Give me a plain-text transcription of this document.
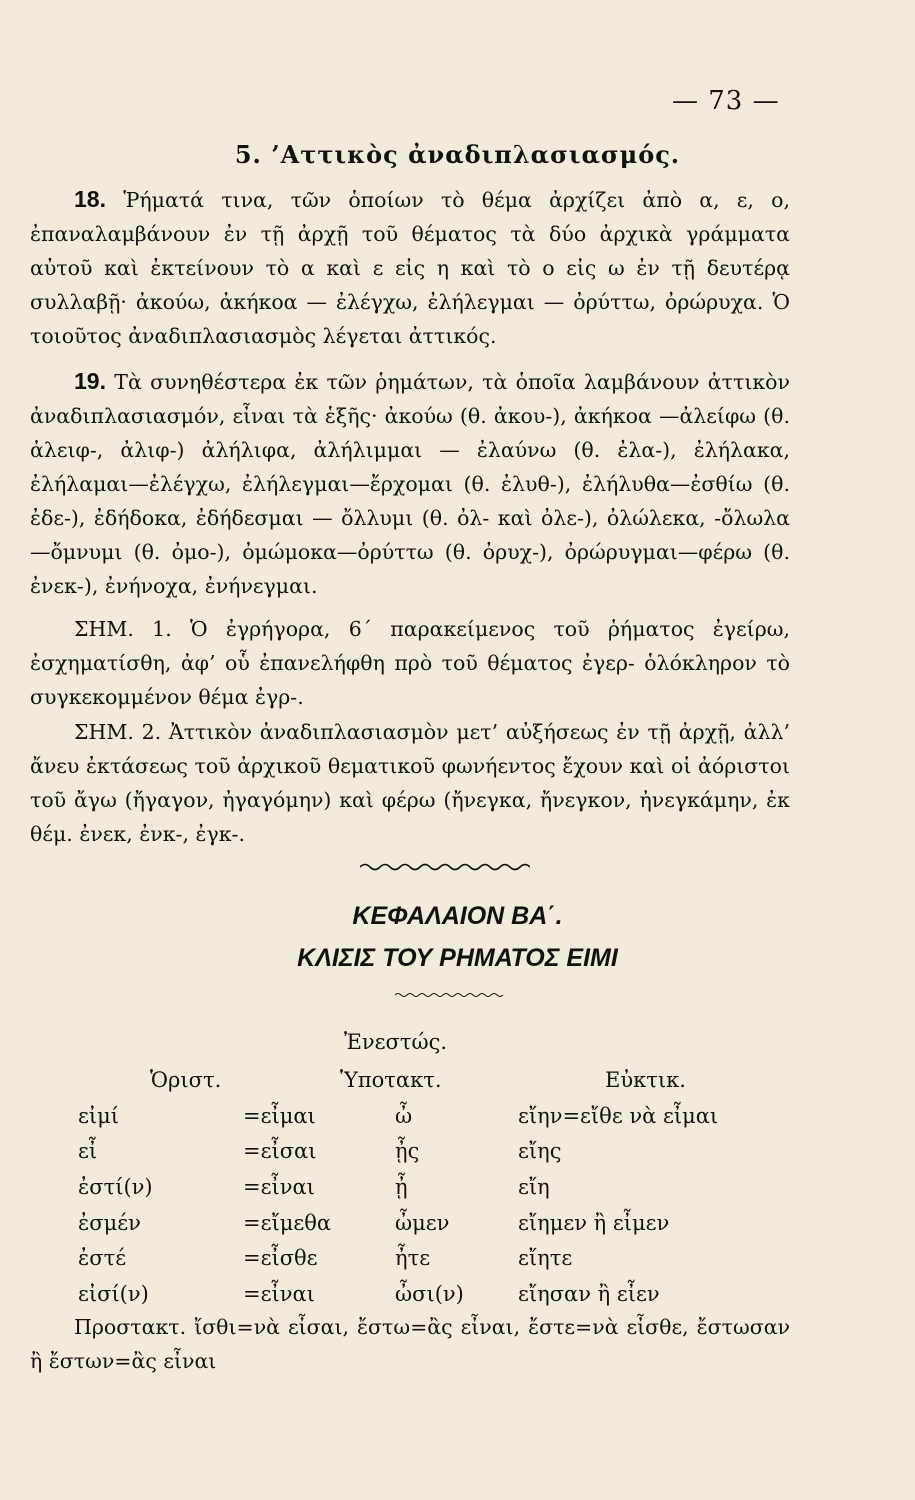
— 73 —
5. ’Αττικὸς ἀναδιπλασιασμός.

18. Ῥήματά τινα, τῶν ὁποίων τὸ θέμα ἀρχίζει ἀπὸ α, ε, ο, ἐπαναλαμβάνουν ἐν τῇ ἀρχῇ τοῦ θέματος τὰ δύο ἀρχικὰ γράμματα αὐτοῦ καὶ ἐκτείνουν τὸ α καὶ ε εἰς η καὶ τὸ ο εἰς ω ἐν τῇ δευτέρᾳ συλλαβῇ· ἀκούω, ἀκήκοα — ἐλέγχω, ἐλήλεγμαι — ὀρύττω, ὀρώρυχα. Ὁ τοιοῦτος ἀναδιπλασιασμὸς λέγεται ἀττικός.

19. Τὰ συνηθέστερα ἐκ τῶν ῥημάτων, τὰ ὁποῖα λαμβάνουν ἀττικὸν ἀναδιπλασιασμόν, εἶναι τὰ ἑξῆς· ἀκούω (θ. ἀκου-), ἀκήκοα —ἀλείφω (θ. ἀλειφ-, ἀλιφ-) ἀλήλιφα, ἀλήλιμμαι — ἐλαύνω (θ. ἐλα-), ἐλήλακα, ἐλήλαμαι—ἐλέγχω, ἐλήλεγμαι—ἔρχομαι (θ. ἐλυθ-), ἐλήλυθα—ἐσθίω (θ. ἐδε-), ἐδήδοκα, ἐδήδεσμαι — ὄλλυμι (θ. ὀλ- καὶ ὀλε-), ὀλώλεκα, -ὄλωλα—ὄμνυμι (θ. ὀμο-), ὀμώμοκα—ὀρύττω (θ. ὀρυχ-), ὀρώρυγμαι—φέρω (θ. ἐνεκ-), ἐνήνοχα, ἐνήνεγμαι.

ΣΗΜ. 1. Ὁ ἐγρήγορα, 6΄ παρακείμενος τοῦ ῥήματος ἐγείρω, ἐσχηματίσθη, ἀφ’ οὗ ἐπανελήφθη πρὸ τοῦ θέματος ἐγερ- ὁλόκληρον τὸ συγκεκομμένον θέμα ἐγρ-.

ΣΗΜ. 2. Ἀττικὸν ἀναδιπλασιασμὸν μετ’ αὐξήσεως ἐν τῇ ἀρχῇ, ἀλλ’ ἄνευ ἐκτάσεως τοῦ ἀρχικοῦ θεματικοῦ φωνήεντος ἔχουν καὶ οἱ ἀόριστοι τοῦ ἄγω (ἤγαγον, ἠγαγόμην) καὶ φέρω (ἤνεγκα, ἤνεγκον, ἠνεγκάμην, ἐκ θέμ. ἐνεκ, ἐνκ-, ἐγκ-.

ΚΕΦΑΛΑΙΟΝ ΒΑ΄.
ΚΛΙΣΙΣ ΤΟΥ ΡΗΜΑΤΟΣ ΕΙΜΙ
Ἐνεστώς.
Ὁριστ.	Ὑποτακτ.	Εὐκτικ.
εἰμί	=εἶμαι	ὦ	εἴην=εἴθε νὰ εἶμαι
εἶ	=εἶσαι	ᾖς	εἴης
ἐστί(ν)	=εἶναι	ᾖ	εἴη
ἐσμέν	=εἴμεθα	ὦμεν	εἴημεν ἢ εἶμεν
ἐστέ	=εἶσθε	ἦτε	εἴητε
εἰσί(ν)	=εἶναι	ὦσι(ν)	εἴησαν ἢ εἶεν
Προστακτ. ἴσθι=νὰ εἶσαι, ἔστω=ἂς εἶναι, ἔστε=νὰ εἶσθε, ἔστωσαν ἢ ἔστων=ἂς εἶναι
